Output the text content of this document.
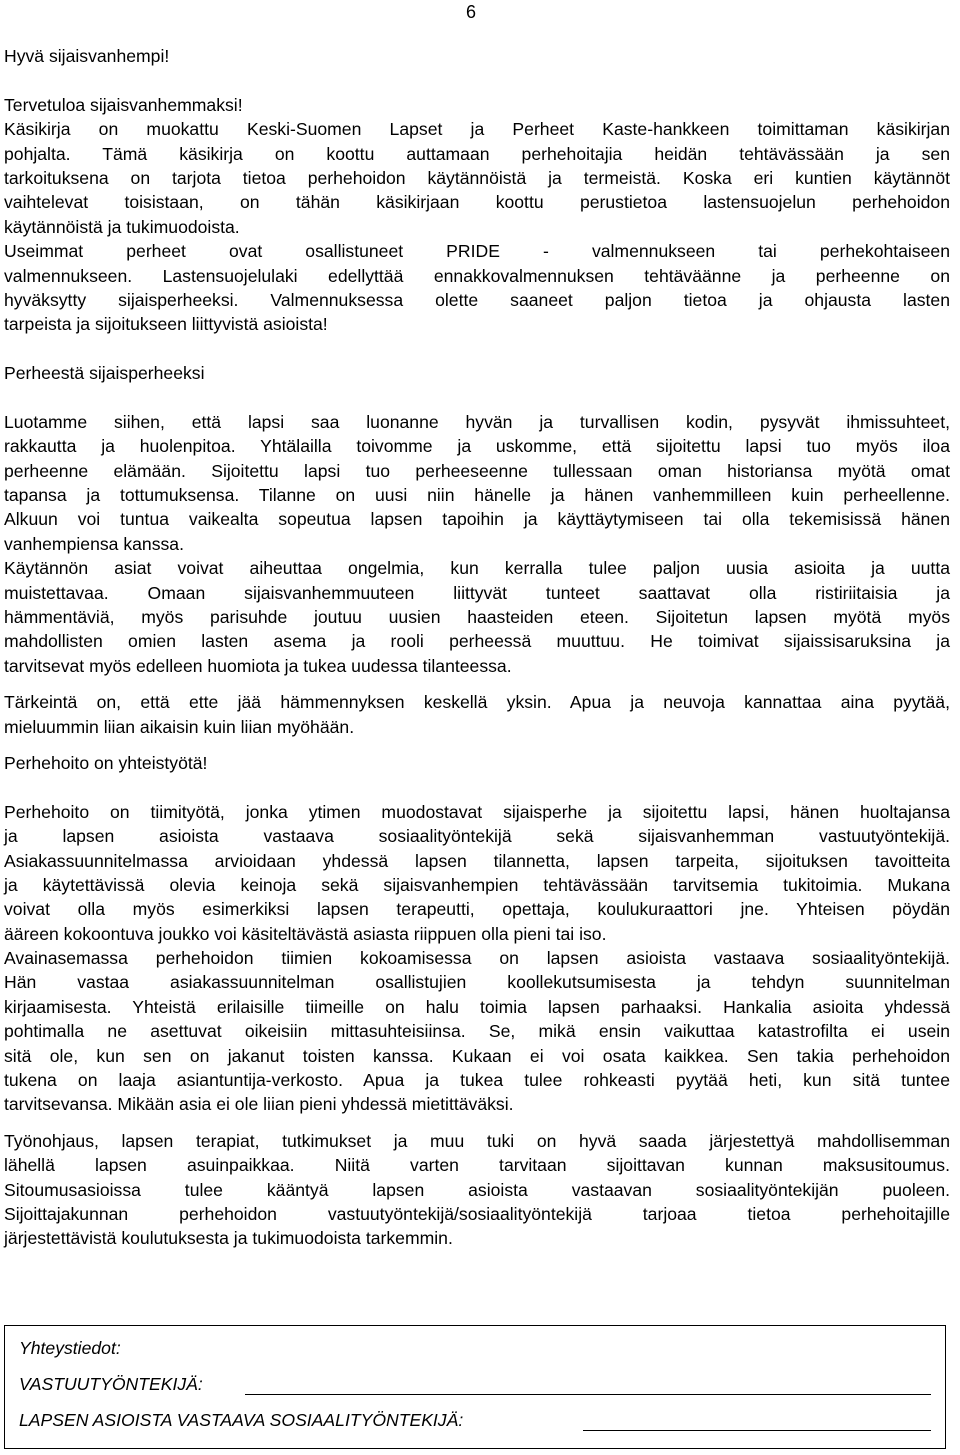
6
Hyvä sijaisvanhempi!
Tervetuloa sijaisvanhemmaksi!
Käsikirja on muokattu Keski-Suomen Lapset ja Perheet Kaste-hankkeen toimittaman käsikirjan
pohjalta. Tämä käsikirja on koottu auttamaan perhehoitajia heidän tehtävässään ja sen
tarkoituksena on tarjota tietoa perhehoidon käytännöistä ja termeistä. Koska eri kuntien käytännöt
vaihtelevat toisistaan, on tähän käsikirjaan koottu perustietoa lastensuojelun perhehoidon
käytännöistä ja tukimuodoista.
Useimmat perheet ovat osallistuneet PRIDE - valmennukseen tai perhekohtaiseen
valmennukseen. Lastensuojelulaki edellyttää ennakkovalmennuksen tehtäväänne ja perheenne on
hyväksytty sijaisperheeksi. Valmennuksessa olette saaneet paljon tietoa ja ohjausta lasten
tarpeista ja sijoitukseen liittyvistä asioista!
Perheestä sijaisperheeksi
Luotamme siihen, että lapsi saa luonanne hyvän ja turvallisen kodin, pysyvät ihmissuhteet,
rakkautta ja huolenpitoa. Yhtälailla toivomme ja uskomme, että sijoitettu lapsi tuo myös iloa
perheenne elämään. Sijoitettu lapsi tuo perheeseenne tullessaan oman historiansa myötä omat
tapansa ja tottumuksensa. Tilanne on uusi niin hänelle ja hänen vanhemmilleen kuin perheellenne.
Alkuun voi tuntua vaikealta sopeutua lapsen tapoihin ja käyttäytymiseen tai olla tekemisissä hänen
vanhempiensa kanssa.
Käytännön asiat voivat aiheuttaa ongelmia, kun kerralla tulee paljon uusia asioita ja uutta
muistettavaa. Omaan sijaisvanhemmuuteen liittyvät tunteet saattavat olla ristiriitaisia ja
hämmentäviä, myös parisuhde joutuu uusien haasteiden eteen. Sijoitetun lapsen myötä myös
mahdollisten omien lasten asema ja rooli perheessä muuttuu. He toimivat sijaissisaruksina ja
tarvitsevat myös edelleen huomiota ja tukea uudessa tilanteessa.
Tärkeintä on, että ette jää hämmennyksen keskellä yksin. Apua ja neuvoja kannattaa aina pyytää,
mieluummin liian aikaisin kuin liian myöhään.
Perhehoito on yhteistyötä!
Perhehoito on tiimityötä, jonka ytimen muodostavat sijaisperhe ja sijoitettu lapsi, hänen huoltajansa
ja lapsen asioista vastaava sosiaalityöntekijä sekä sijaisvanhemman vastuutyöntekijä.
Asiakassuunnitelmassa arvioidaan yhdessä lapsen tilannetta, lapsen tarpeita, sijoituksen tavoitteita
ja käytettävissä olevia keinoja sekä sijaisvanhempien tehtävässään tarvitsemia tukitoimia. Mukana
voivat olla myös esimerkiksi lapsen terapeutti, opettaja, koulukuraattori jne. Yhteisen pöydän
ääreen kokoontuva joukko voi käsiteltävästä asiasta riippuen olla pieni tai iso.
Avainasemassa perhehoidon tiimien kokoamisessa on lapsen asioista vastaava sosiaalityöntekijä.
Hän vastaa asiakassuunnitelman osallistujien koollekutsumisesta ja tehdyn suunnitelman
kirjaamisesta. Yhteistä erilaisille tiimeille on halu toimia lapsen parhaaksi. Hankalia asioita yhdessä
pohtimalla ne asettuvat oikeisiin mittasuhteisiinsa. Se, mikä ensin vaikuttaa katastrofilta ei usein
sitä ole, kun sen on jakanut toisten kanssa. Kukaan ei voi osata kaikkea. Sen takia perhehoidon
tukena on laaja asiantuntija-verkosto. Apua ja tukea tulee rohkeasti pyytää heti, kun sitä tuntee
tarvitsevansa. Mikään asia ei ole liian pieni yhdessä mietittäväksi.
Työnohjaus, lapsen terapiat, tutkimukset ja muu tuki on hyvä saada järjestettyä mahdollisemman
lähellä lapsen asuinpaikkaa. Niitä varten tarvitaan sijoittavan kunnan maksusitoumus.
Sitoumusasioissa tulee kääntyä lapsen asioista vastaavan sosiaalityöntekijän puoleen.
Sijoittajakunnan perhehoidon vastuutyöntekijä/sosiaalityöntekijä tarjoaa tietoa perhehoitajille
järjestettävistä koulutuksesta ja tukimuodoista tarkemmin.
Yhteystiedot:
VASTUUTYÖNTEKIJÄ:
LAPSEN ASIOISTA VASTAAVA SOSIAALITYÖNTEKIJÄ:
